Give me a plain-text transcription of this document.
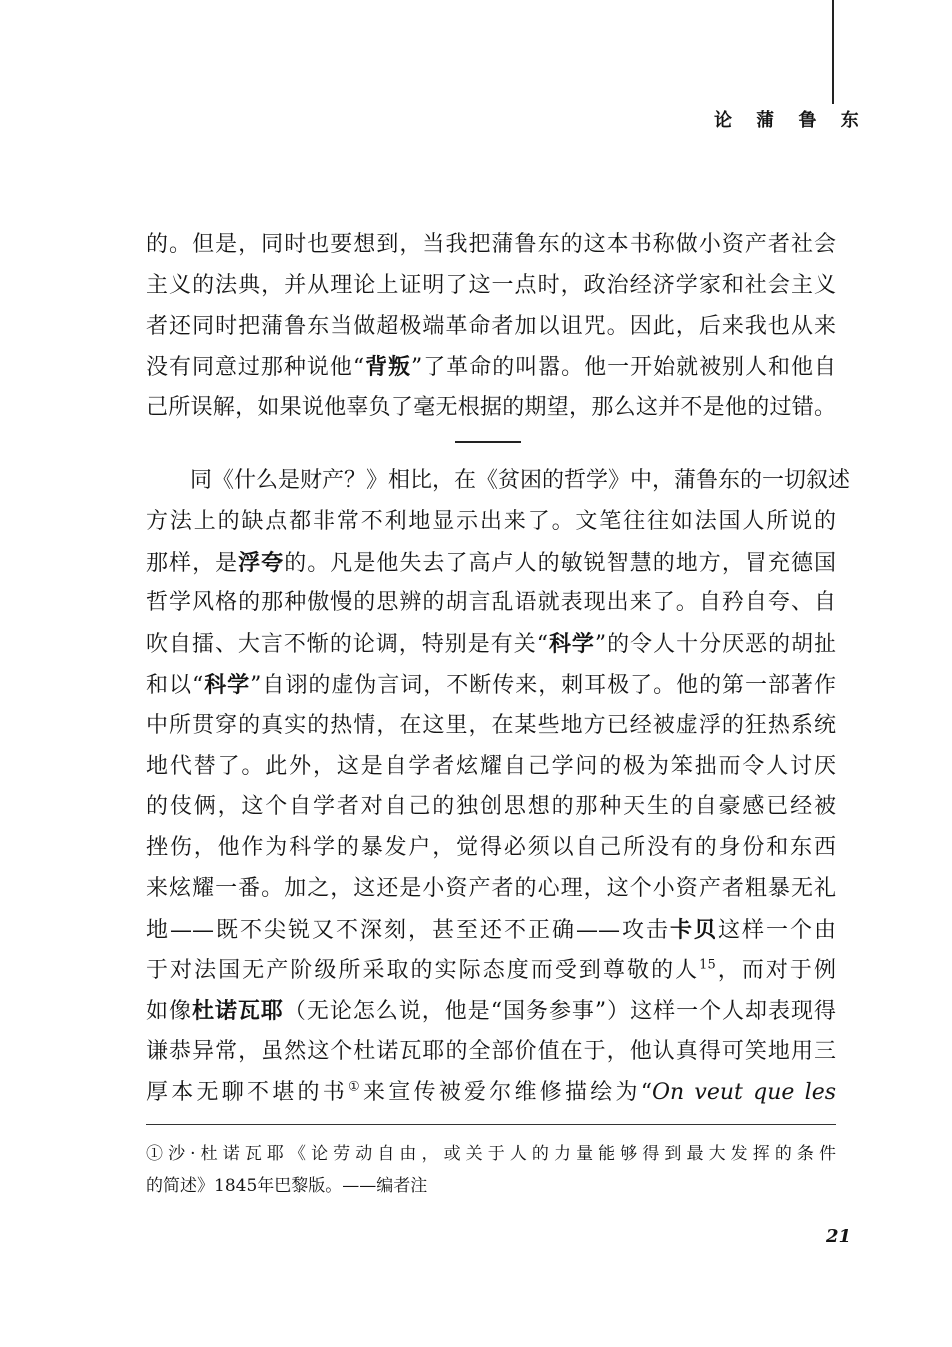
论 蒲 鲁 东
的。但是，同时也要想到，当我把蒲鲁东的这本书称做小资产者社会
主义的法典，并从理论上证明了这一点时，政治经济学家和社会主义
者还同时把蒲鲁东当做超极端革命者加以诅咒。因此，后来我也从来
没有同意过那种说他“背叛”了革命的叫嚣。他一开始就被别人和他自
己所误解，如果说他辜负了毫无根据的期望，那么这并不是他的过错。
　　同《什么是财产？》相比，在《贫困的哲学》中，蒲鲁东的一切叙述
方法上的缺点都非常不利地显示出来了。文笔往往如法国人所说的
那样，是浮夸的。凡是他失去了高卢人的敏锐智慧的地方，冒充德国
哲学风格的那种傲慢的思辨的胡言乱语就表现出来了。自矜自夸、自
吹自擂、大言不惭的论调，特别是有关“科学”的令人十分厌恶的胡扯
和以“科学”自诩的虚伪言词，不断传来，刺耳极了。他的第一部著作
中所贯穿的真实的热情，在这里，在某些地方已经被虚浮的狂热系统
地代替了。此外，这是自学者炫耀自己学问的极为笨拙而令人讨厌
的伎俩，这个自学者对自己的独创思想的那种天生的自豪感已经被
挫伤，他作为科学的暴发户，觉得必须以自己所没有的身份和东西
来炫耀一番。加之，这还是小资产者的心理，这个小资产者粗暴无礼
地——既不尖锐又不深刻，甚至还不正确——攻击卡贝这样一个由
于对法国无产阶级所采取的实际态度而受到尊敬的人$^{15}$，而对于例
如像杜诺瓦耶（无论怎么说，他是“国务参事”）这样一个人却表现得
谦恭异常，虽然这个杜诺瓦耶的全部价值在于，他认真得可笑地用三
厚本无聊不堪的书①来宣传被爱尔维修描绘为“On veut que les
①沙·杜诺瓦耶《论劳动自由，或关于人的力量能够得到最大发挥的条件
的简述》1845年巴黎版。——编者注
21
